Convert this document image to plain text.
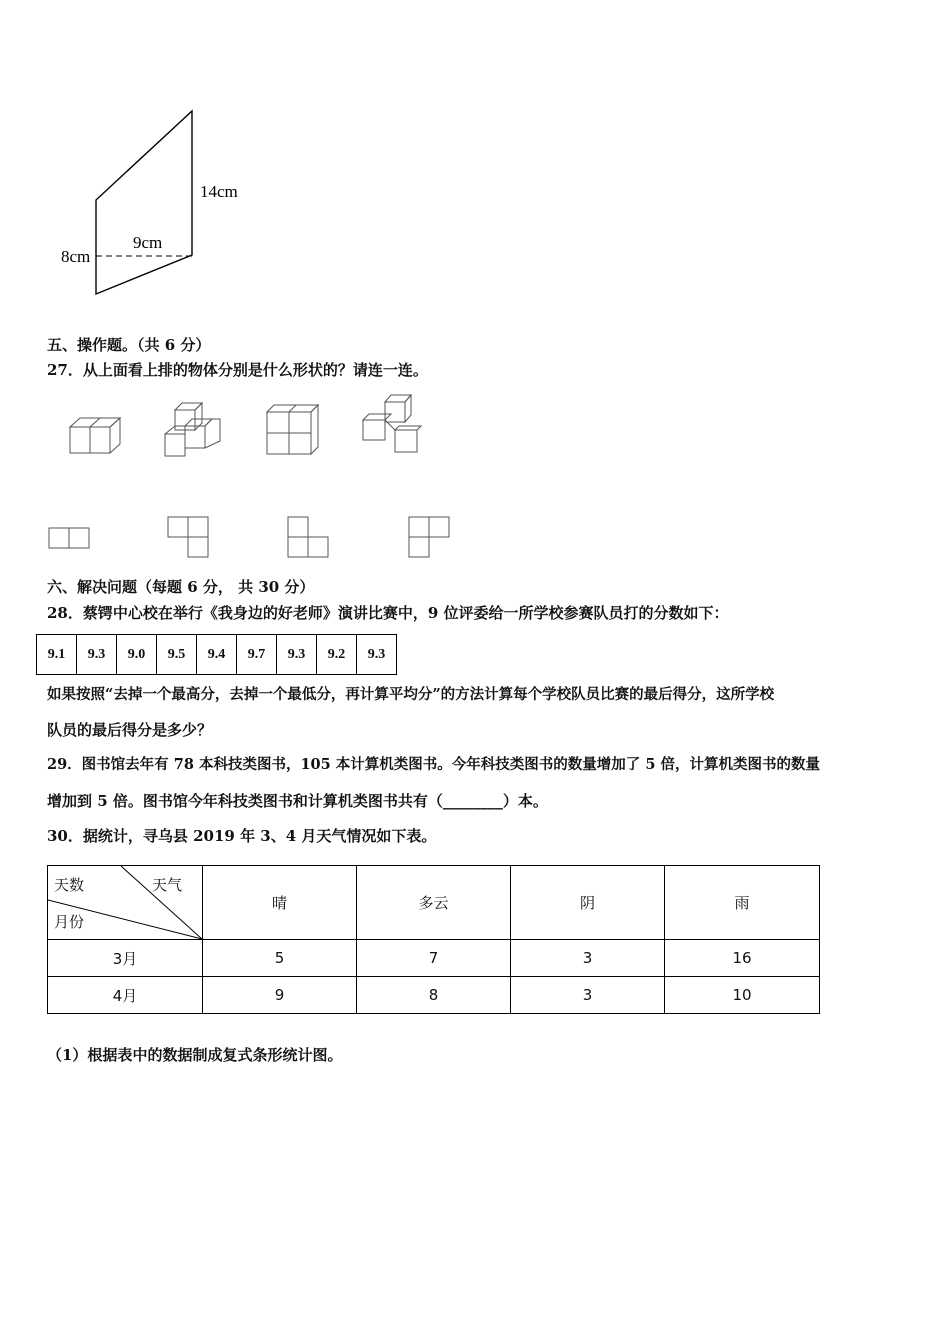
14cm
9cm
8cm
五、操作题。（共 6 分）
27．从上面看上排的物体分别是什么形状的？请连一连。
六、解决问题（每题 6 分， 共 30 分）
28．蔡锷中心校在举行《我身边的好老师》演讲比赛中，9 位评委给一所学校参赛队员打的分数如下：
9.1	9.3	9.0	9.5	9.4	9.7	9.3	9.2	9.3
如果按照“去掉一个最高分，去掉一个最低分，再计算平均分”的方法计算每个学校队员比赛的最后得分，这所学校
队员的最后得分是多少？
29．图书馆去年有 78 本科技类图书，105 本计算机类图书。今年科技类图书的数量增加了 5 倍，计算机类图书的数量
增加到 5 倍。图书馆今年科技类图书和计算机类图书共有（________）本。
30．据统计，寻乌县 2019 年 3、4 月天气情况如下表。
天数 天气
月份	晴	多云	阴	雨
3月	5	7	3	16
4月	9	8	3	10
（1）根据表中的数据制成复式条形统计图。
